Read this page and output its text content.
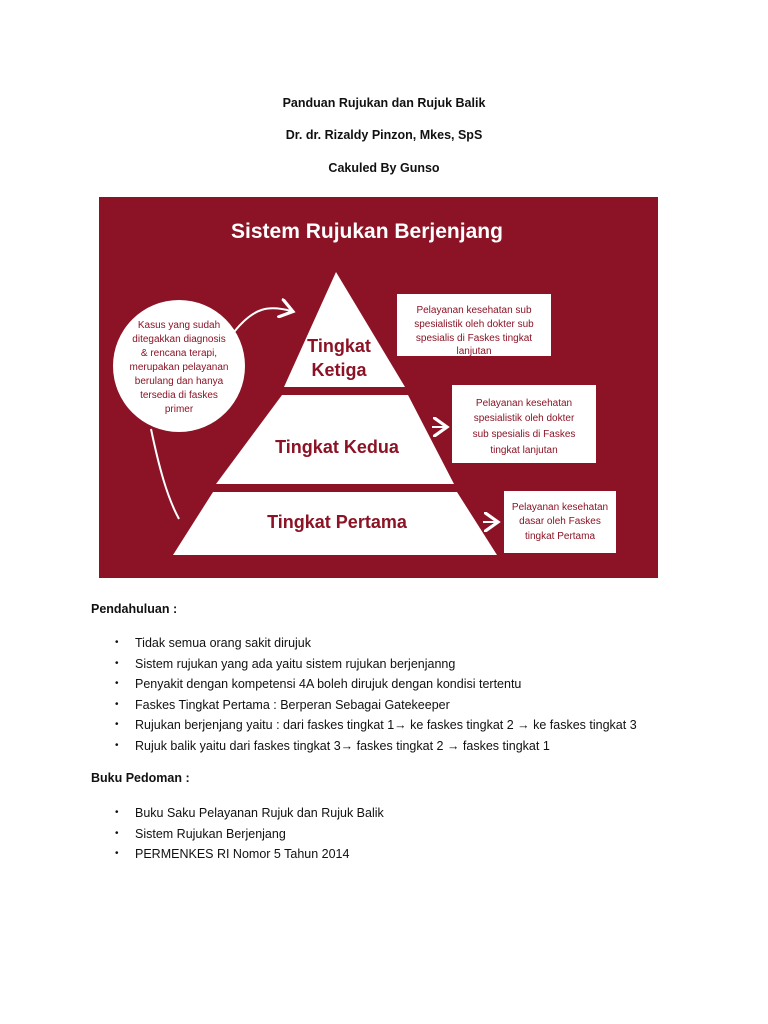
Panduan Rujukan dan Rujuk Balik
Dr. dr. Rizaldy Pinzon, Mkes, SpS
Cakuled By Gunso
Sistem Rujukan Berjenjang
Tingkat
Ketiga
Tingkat Kedua
Tingkat Pertama
Kasus yang sudah
ditegakkan diagnosis
& rencana terapi,
merupakan pelayanan
berulang dan hanya
tersedia di faskes
primer
Pelayanan kesehatan sub
spesialistik oleh dokter sub
spesialis di Faskes tingkat
lanjutan
Pelayanan kesehatan
spesialistik oleh dokter
sub spesialis di Faskes
tingkat lanjutan
Pelayanan kesehatan
dasar oleh Faskes
tingkat Pertama
Pendahuluan :
• Tidak semua orang sakit dirujuk
• Sistem rujukan yang ada yaitu sistem rujukan berjenjanng
• Penyakit dengan kompetensi 4A boleh dirujuk dengan kondisi tertentu
• Faskes Tingkat Pertama : Berperan Sebagai Gatekeeper
• Rujukan berjenjang yaitu : dari faskes tingkat 1→ ke faskes tingkat 2 → ke faskes tingkat 3
• Rujuk balik yaitu dari faskes tingkat 3→ faskes tingkat 2 → faskes tingkat 1
Buku Pedoman :
• Buku Saku Pelayanan Rujuk dan Rujuk Balik
• Sistem Rujukan Berjenjang
• PERMENKES RI Nomor 5 Tahun 2014
